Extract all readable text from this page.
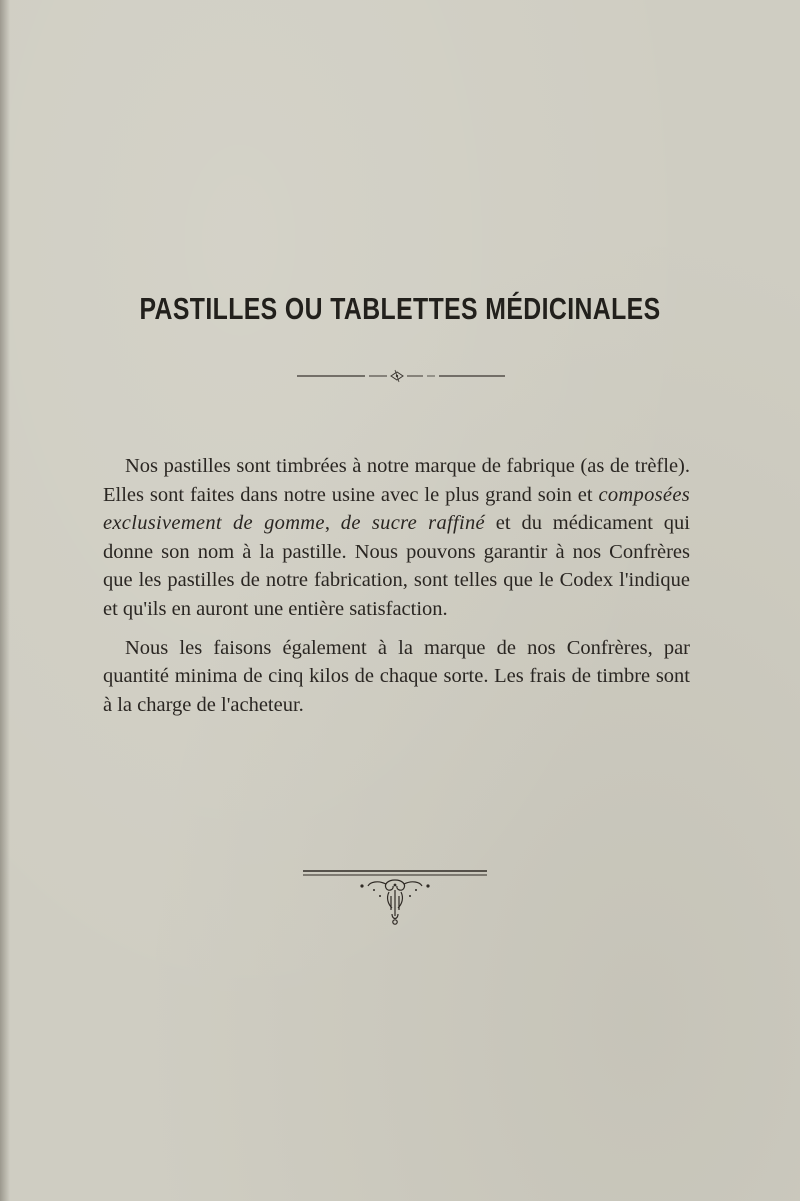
PASTILLES OU TABLETTES MÉDICINALES

Nos pastilles sont timbrées à notre marque de fabrique (as de trèfle). Elles sont faites dans notre usine avec le plus grand soin et composées exclusivement de gomme, de sucre raffiné et du médicament qui donne son nom à la pastille. Nous pouvons garantir à nos Confrères que les pastilles de notre fabrication, sont telles que le Codex l'indique et qu'ils en auront une entière satisfaction.

Nous les faisons également à la marque de nos Confrères, par quantité minima de cinq kilos de chaque sorte. Les frais de timbre sont à la charge de l'acheteur.
